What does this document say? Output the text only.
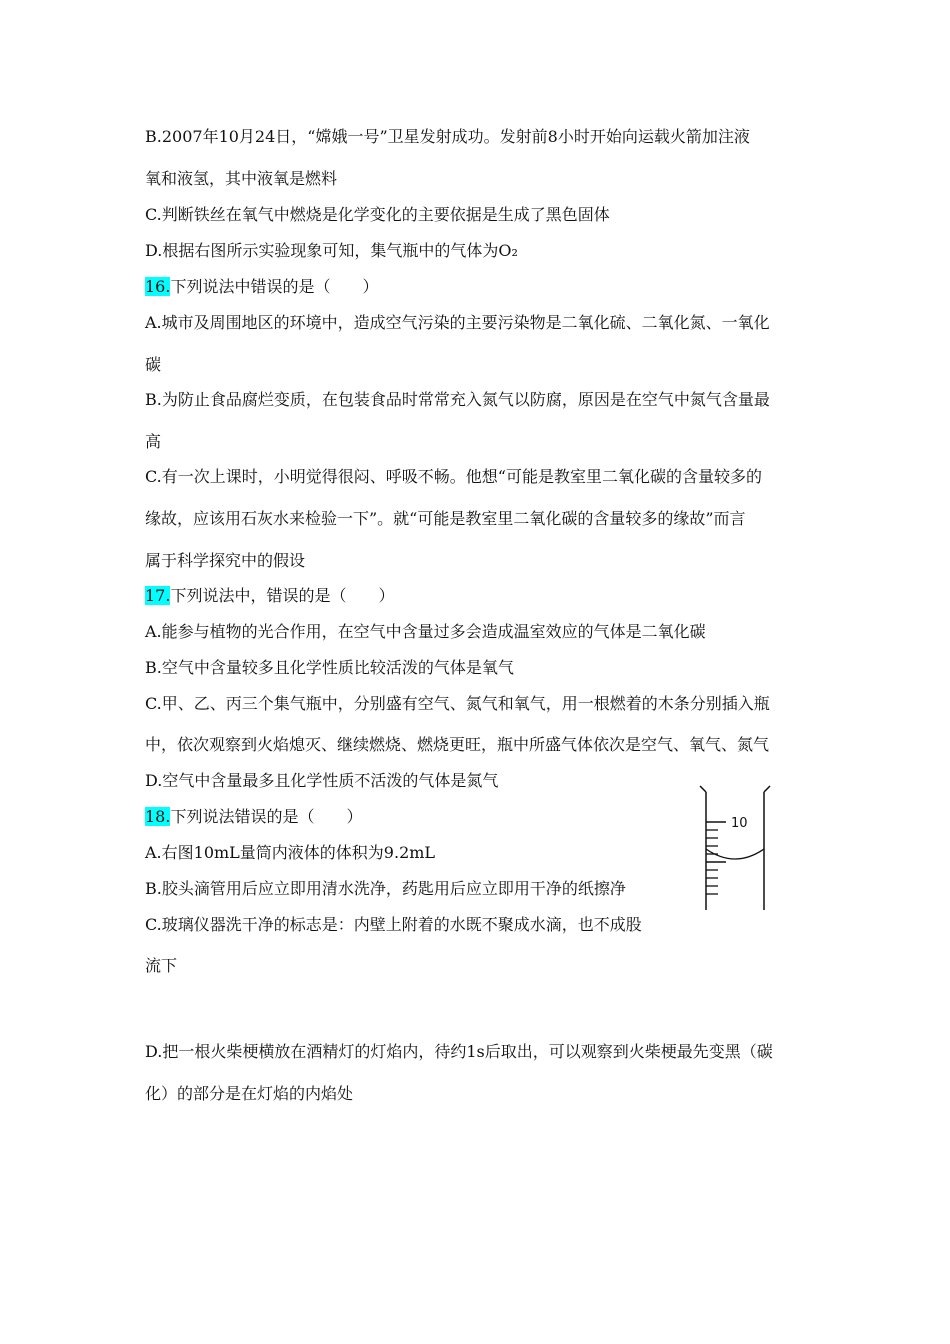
B.2007年10月24日，“嫦娥一号”卫星发射成功。发射前8小时开始向运载火箭加注液
氧和液氢，其中液氧是燃料
C.判断铁丝在氧气中燃烧是化学变化的主要依据是生成了黑色固体
D.根据右图所示实验现象可知，集气瓶中的气体为O₂
16.下列说法中错误的是（　　）
A.城市及周围地区的环境中，造成空气污染的主要污染物是二氧化硫、二氧化氮、一氧化
碳
B.为防止食品腐烂变质，在包装食品时常常充入氮气以防腐，原因是在空气中氮气含量最
高
C.有一次上课时，小明觉得很闷、呼吸不畅。他想“可能是教室里二氧化碳的含量较多的
缘故，应该用石灰水来检验一下”。就“可能是教室里二氧化碳的含量较多的缘故”而言
属于科学探究中的假设
17.下列说法中，错误的是（　　）
A.能参与植物的光合作用，在空气中含量过多会造成温室效应的气体是二氧化碳
B.空气中含量较多且化学性质比较活泼的气体是氧气
C.甲、乙、丙三个集气瓶中，分别盛有空气、氮气和氧气，用一根燃着的木条分别插入瓶
中，依次观察到火焰熄灭、继续燃烧、燃烧更旺，瓶中所盛气体依次是空气、氧气、氮气
D.空气中含量最多且化学性质不活泼的气体是氮气
18.下列说法错误的是（　　）
A.右图10mL量筒内液体的体积为9.2mL
B.胶头滴管用后应立即用清水洗净，药匙用后应立即用干净的纸擦净
C.玻璃仪器洗干净的标志是：内壁上附着的水既不聚成水滴，也不成股
流下
D.把一根火柴梗横放在酒精灯的灯焰内，待约1s后取出，可以观察到火柴梗最先变黑（碳
化）的部分是在灯焰的内焰处
10
